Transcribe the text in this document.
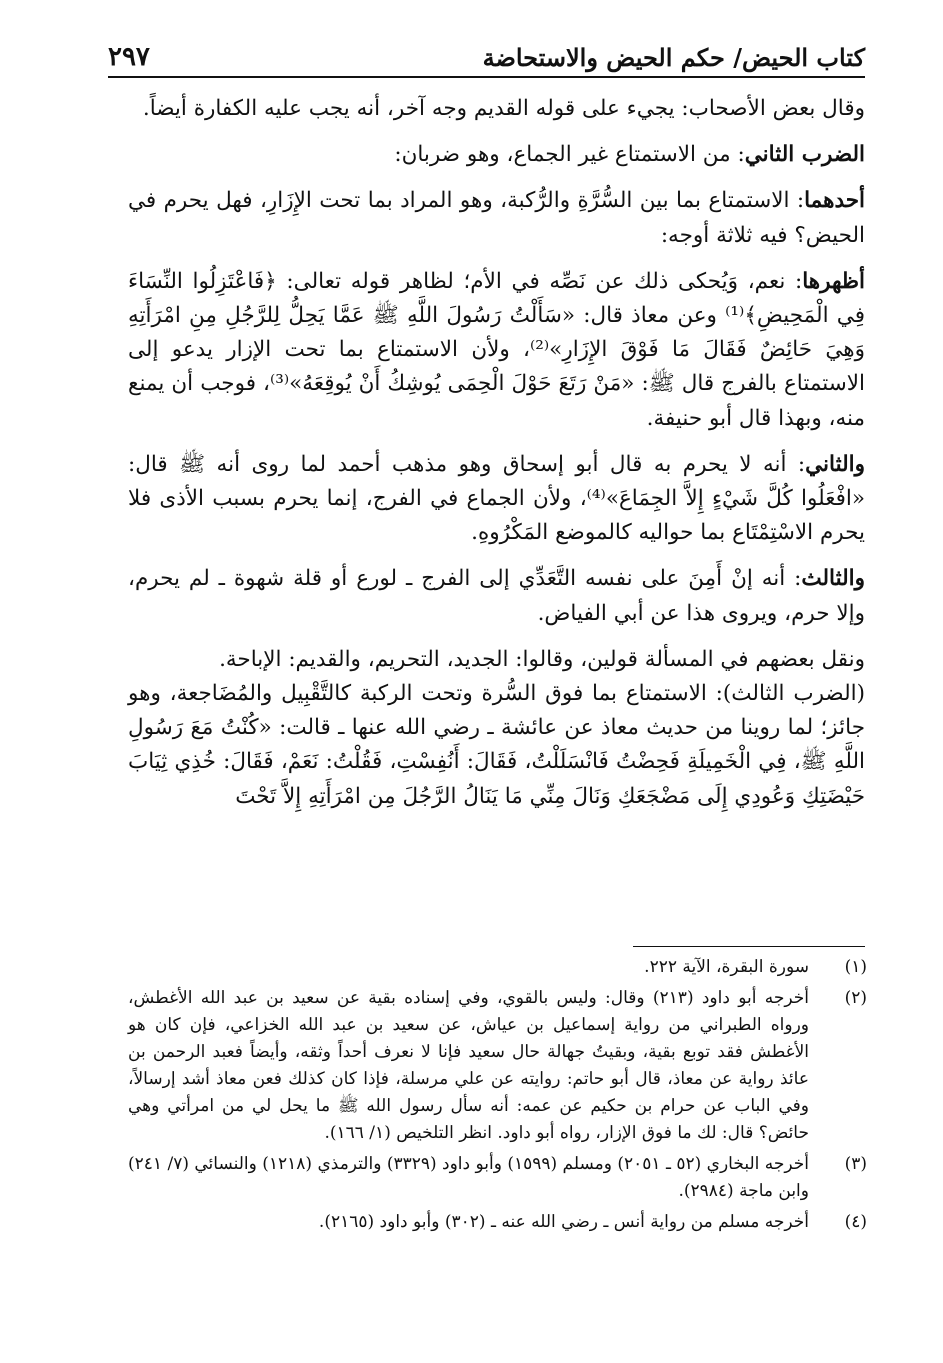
كتاب الحيض/ حكم الحيض والاستحاضة
٢٩٧

وقال بعض الأصحاب: يجيء على قوله القديم وجه آخر، أنه يجب عليه الكفارة أيضاً.

الضرب الثاني: من الاستمتاع غير الجماع، وهو ضربان:

أحدهما: الاستمتاع بما بين السُّرَّةِ والرُّكبة، وهو المراد بما تحت الإِزَارِ، فهل يحرم في الحيض؟ فيه ثلاثة أوجه:

أظهرها: نعم، وَيُحكى ذلك عن نَصِّه في الأم؛ لظاهر قوله تعالى: ﴿فَاعْتَزِلُوا النِّسَاءَ فِي الْمَحِيضِ﴾⁽¹⁾ وعن معاذ قال: «سَأَلْتُ رَسُولَ اللَّهِ ﷺ عَمَّا يَحِلُّ لِلرَّجُلِ مِنِ امْرَأَتِهِ وَهِيَ حَائِضٌ فَقَالَ مَا فَوْقَ الإِزَارِ»⁽²⁾، ولأن الاستمتاع بما تحت الإزار يدعو إلى الاستمتاع بالفرج قال ﷺ: «مَنْ رَتَعَ حَوْلَ الْحِمَى يُوشِكُ أَنْ يُوقِعَهُ»⁽³⁾، فوجب أن يمنع منه، وبهذا قال أبو حنيفة.

والثاني: أنه لا يحرم به قال أبو إسحاق وهو مذهب أحمد لما روى أنه ﷺ قال: «افْعَلُوا كُلَّ شَيْءٍ إِلاَّ الجِمَاعَ»⁽⁴⁾، ولأن الجماع في الفرج، إنما يحرم بسبب الأذى فلا يحرم الاسْتِمْتَاع بما حواليه كالموضع المَكْرُوهِ.

والثالث: أنه إنْ أَمِنَ على نفسه التَّعَدِّي إلى الفرج ـ لورع أو قلة شهوة ـ لم يحرم، وإلا حرم، ويروى هذا عن أبي الفياض.

ونقل بعضهم في المسألة قولين، وقالوا: الجديد، التحريم، والقديم: الإباحة.

(الضرب الثالث): الاستمتاع بما فوق السُّرة وتحت الركبة كالتَّقْبِيل والمُضَاجعة، وهو جائز؛ لما روينا من حديث معاذ عن عائشة ـ رضي الله عنها ـ قالت: «كُنْتُ مَعَ رَسُولِ اللَّهِ ﷺ، فِي الْخَمِيلَةِ فَحِضْتُ فَانْسَلَلْتُ، فَقَالَ: أَنُفِسْتِ، فَقُلْتُ: نَعَمْ، فَقَالَ: خُذِي ثِيَابَ حَيْضَتِكِ وَعُودِي إِلَى مَضْجَعَكِ وَنَالَ مِنِّي مَا يَنَالُ الرَّجُلَ مِن امْرَأَتِهِ إِلاَّ تَحْتَ

(١)
سورة البقرة، الآية ٢٢٢.
(٢)
أخرجه أبو داود (٢١٣) وقال: وليس بالقوي، وفي إسناده بقية عن سعيد بن عبد الله الأغطش، ورواه الطبراني من رواية إسماعيل بن عياش، عن سعيد بن عبد الله الخزاعي، فإن كان هو الأغطش فقد توبع بقية، وبقيتُ جهالة حال سعيد فإنا لا نعرف أحداً وثقه، وأيضاً فعبد الرحمن بن عائذ رواية عن معاذ، قال أبو حاتم: روايته عن علي مرسلة، فإذا كان كذلك فعن معاذ أشد إرسالاً، وفي الباب عن حرام بن حكيم عن عمه: أنه سأل رسول الله ﷺ ما يحل لي من امرأتي وهي حائض؟ قال: لك ما فوق الإزار، رواه أبو داود. انظر التلخيص (١/ ١٦٦).
(٣)
أخرجه البخاري (٥٢ ـ ٢٠٥١) ومسلم (١٥٩٩) وأبو داود (٣٣٢٩) والترمذي (١٢١٨) والنسائي (٧/ ٢٤١) وابن ماجة (٢٩٨٤).
(٤)
أخرجه مسلم من رواية أنس ـ رضي الله عنه ـ (٣٠٢) وأبو داود (٢١٦٥).
